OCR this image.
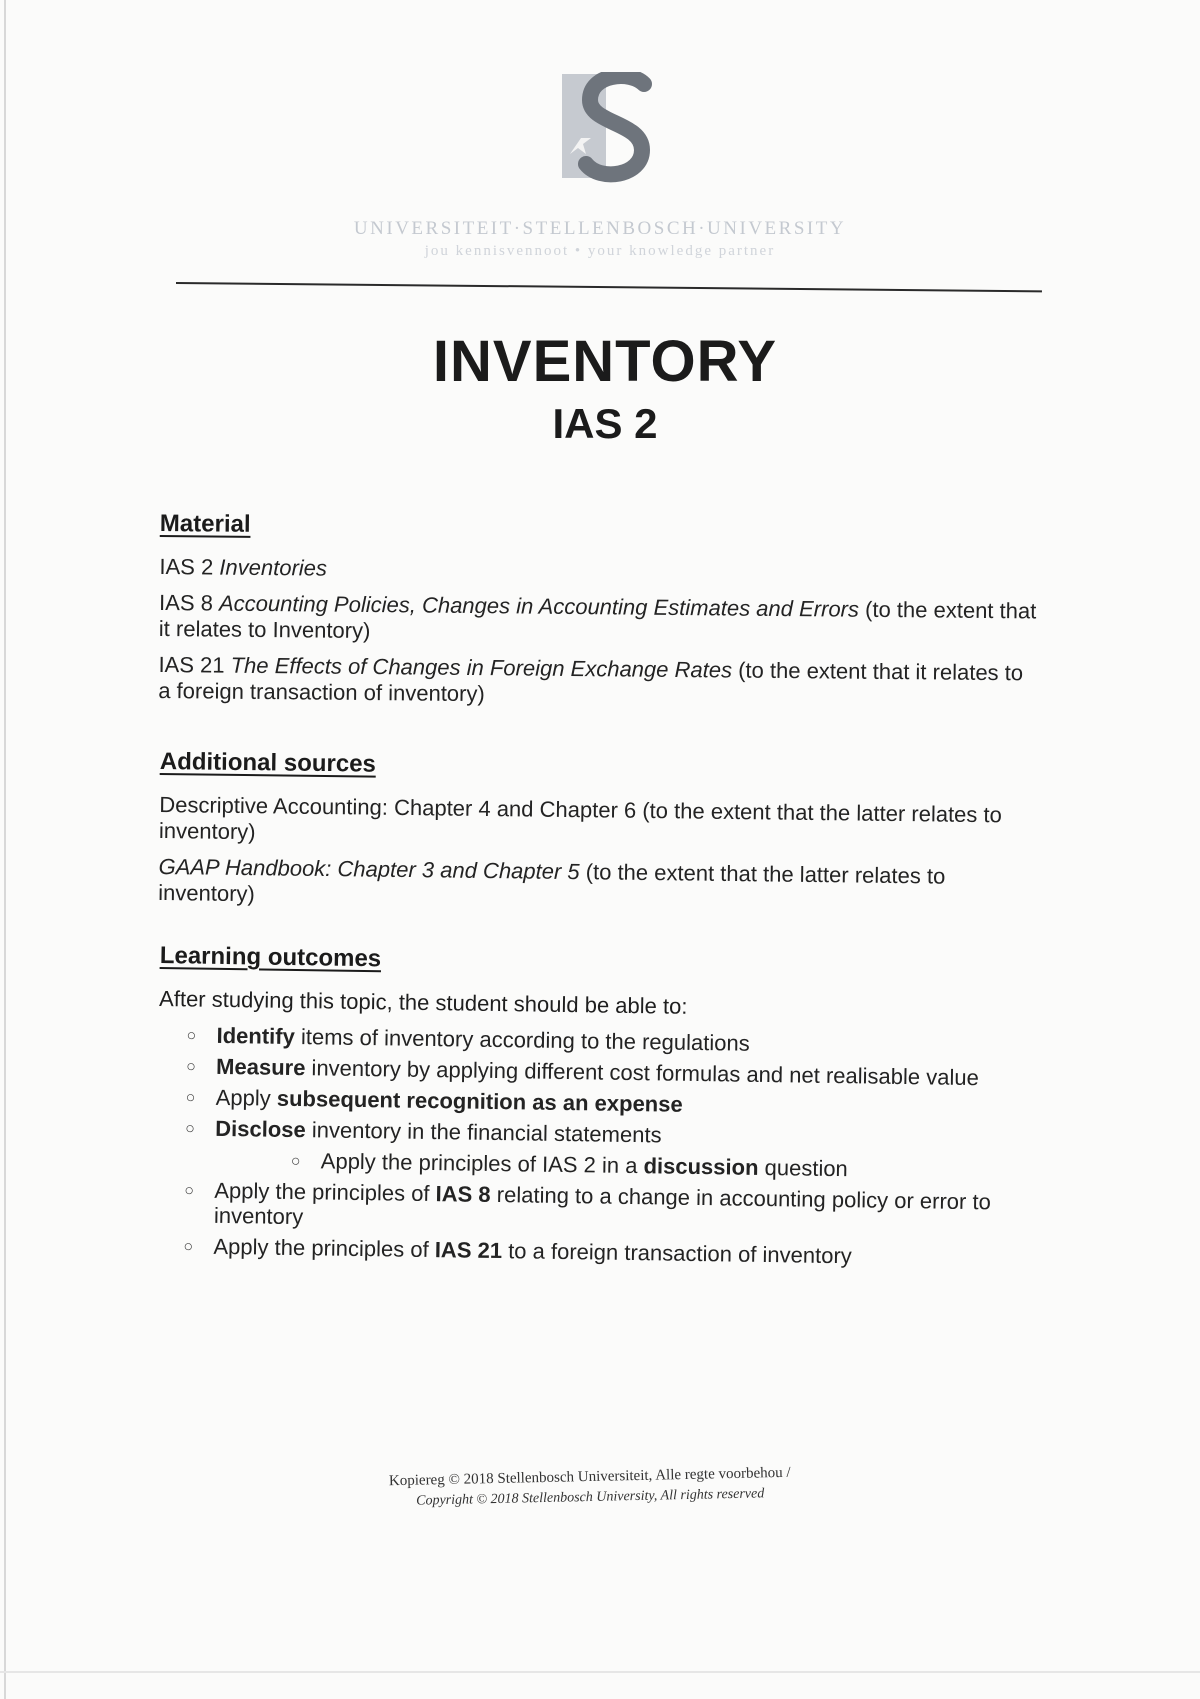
UNIVERSITEIT·STELLENBOSCH·UNIVERSITY
jou kennisvennoot • your knowledge partner
INVENTORY
IAS 2
Material

IAS 2 Inventories

IAS 8 Accounting Policies, Changes in Accounting Estimates and Errors (to the extent that it relates to Inventory)

IAS 21 The Effects of Changes in Foreign Exchange Rates (to the extent that it relates to a foreign transaction of inventory)

Additional sources

Descriptive Accounting: Chapter 4 and Chapter 6 (to the extent that the latter relates to inventory)

GAAP Handbook: Chapter 3 and Chapter 5 (to the extent that the latter relates to inventory)

Learning outcomes

After studying this topic, the student should be able to:

○ Identify items of inventory according to the regulations
○ Measure inventory by applying different cost formulas and net realisable value
○ Apply subsequent recognition as an expense
○ Disclose inventory in the financial statements
○ Apply the principles of IAS 2 in a discussion question
○ Apply the principles of IAS 8 relating to a change in accounting policy or error to inventory
○ Apply the principles of IAS 21 to a foreign transaction of inventory
Kopiereg © 2018 Stellenbosch Universiteit, Alle regte voorbehou /
Copyright © 2018 Stellenbosch University, All rights reserved
